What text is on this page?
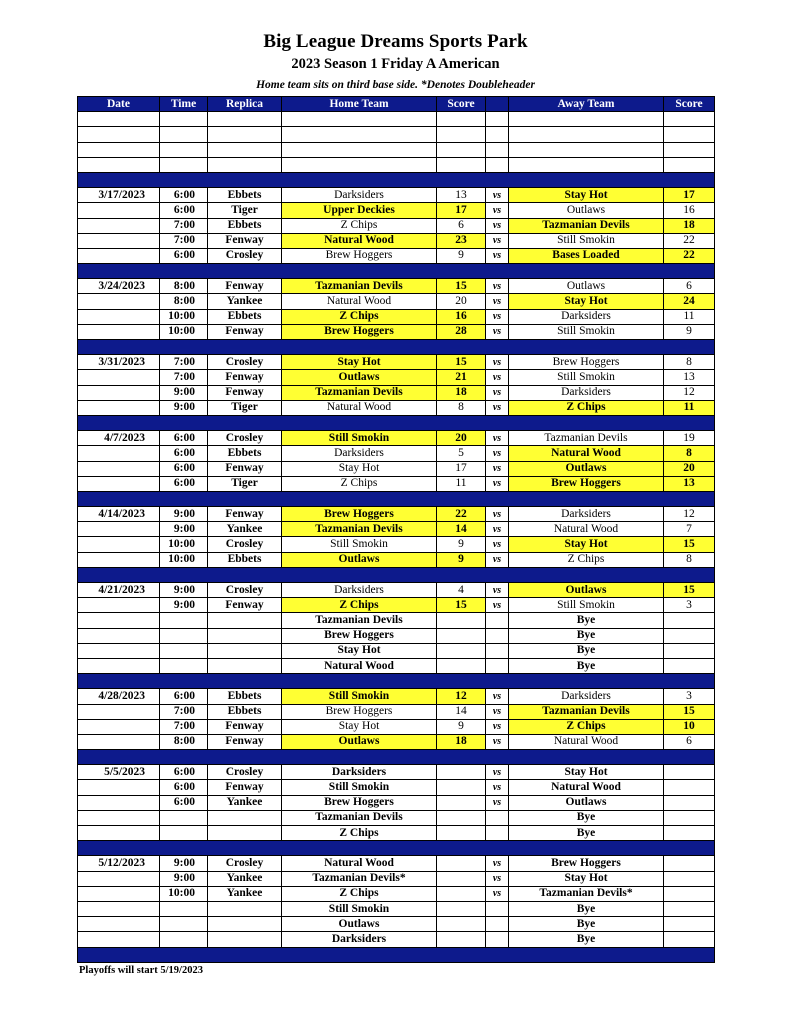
Big League Dreams Sports Park
2023 Season 1 Friday A American
Home team sits on third base side. *Denotes Doubleheader
Date	Time	Replica	Home Team	Score		Away Team	Score

3/17/2023	6:00	Ebbets	Darksiders	13	vs	Stay Hot	17
	6:00	Tiger	Upper Deckies	17	vs	Outlaws	16
	7:00	Ebbets	Z Chips	6	vs	Tazmanian Devils	18
	7:00	Fenway	Natural Wood	23	vs	Still Smokin	22
	6:00	Crosley	Brew Hoggers	9	vs	Bases Loaded	22

3/24/2023	8:00	Fenway	Tazmanian Devils	15	vs	Outlaws	6
	8:00	Yankee	Natural Wood	20	vs	Stay Hot	24
	10:00	Ebbets	Z Chips	16	vs	Darksiders	11
	10:00	Fenway	Brew Hoggers	28	vs	Still Smokin	9

3/31/2023	7:00	Crosley	Stay Hot	15	vs	Brew Hoggers	8
	7:00	Fenway	Outlaws	21	vs	Still Smokin	13
	9:00	Fenway	Tazmanian Devils	18	vs	Darksiders	12
	9:00	Tiger	Natural Wood	8	vs	Z Chips	11

4/7/2023	6:00	Crosley	Still Smokin	20	vs	Tazmanian Devils	19
	6:00	Ebbets	Darksiders	5	vs	Natural Wood	8
	6:00	Fenway	Stay Hot	17	vs	Outlaws	20
	6:00	Tiger	Z Chips	11	vs	Brew Hoggers	13

4/14/2023	9:00	Fenway	Brew Hoggers	22	vs	Darksiders	12
	9:00	Yankee	Tazmanian Devils	14	vs	Natural Wood	7
	10:00	Crosley	Still Smokin	9	vs	Stay Hot	15
	10:00	Ebbets	Outlaws	9	vs	Z Chips	8

4/21/2023	9:00	Crosley	Darksiders	4	vs	Outlaws	15
	9:00	Fenway	Z Chips	15	vs	Still Smokin	3
			Tazmanian Devils			Bye	
			Brew Hoggers			Bye	
			Stay Hot			Bye	
			Natural Wood			Bye	

4/28/2023	6:00	Ebbets	Still Smokin	12	vs	Darksiders	3
	7:00	Ebbets	Brew Hoggers	14	vs	Tazmanian Devils	15
	7:00	Fenway	Stay Hot	9	vs	Z Chips	10
	8:00	Fenway	Outlaws	18	vs	Natural Wood	6

5/5/2023	6:00	Crosley	Darksiders		vs	Stay Hot	
	6:00	Fenway	Still Smokin		vs	Natural Wood	
	6:00	Yankee	Brew Hoggers		vs	Outlaws	
			Tazmanian Devils			Bye	
			Z Chips			Bye	

5/12/2023	9:00	Crosley	Natural Wood		vs	Brew Hoggers	
	9:00	Yankee	Tazmanian Devils*		vs	Stay Hot	
	10:00	Yankee	Z Chips		vs	Tazmanian Devils*	
			Still Smokin			Bye	
			Outlaws			Bye	
			Darksiders			Bye	

Playoffs will start 5/19/2023
